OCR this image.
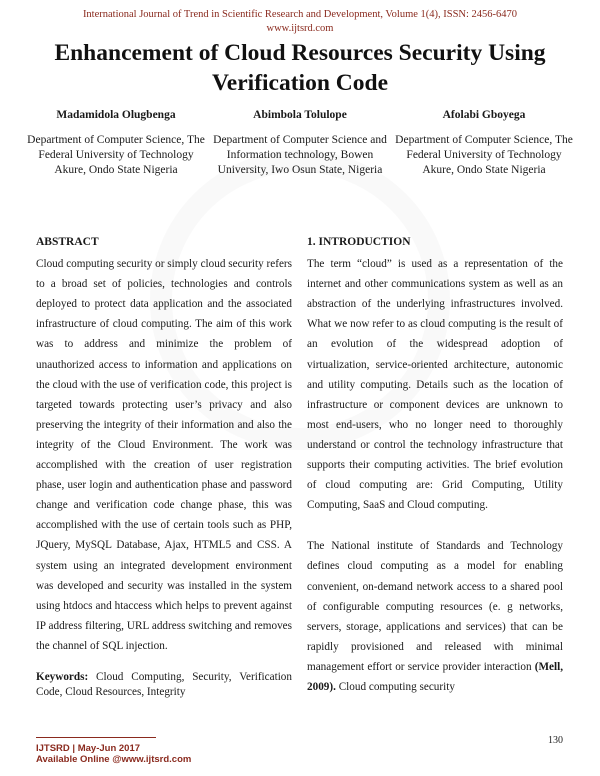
International Journal of Trend in Scientific Research and Development, Volume 1(4), ISSN: 2456-6470
www.ijtsrd.com
Enhancement of Cloud Resources Security Using Verification Code
Madamidola Olugbenga
Department of Computer Science, The Federal University of Technology Akure, Ondo State Nigeria
Abimbola Tolulope
Department of Computer Science and Information technology, Bowen University, Iwo Osun State, Nigeria
Afolabi Gboyega
Department of Computer Science, The Federal University of Technology Akure, Ondo State Nigeria
ABSTRACT
Cloud computing security or simply cloud security refers to a broad set of policies, technologies and controls deployed to protect data application and the associated infrastructure of cloud computing. The aim of this work was to address and minimize the problem of unauthorized access to information and applications on the cloud with the use of verification code, this project is targeted towards protecting user’s privacy and also preserving the integrity of their information and also the integrity of the Cloud Environment. The work was accomplished with the creation of user registration phase, user login and authentication phase and password change and verification code change phase, this was accomplished with the use of certain tools such as PHP, JQuery, MySQL Database, Ajax, HTML5 and CSS. A system using an integrated development environment was developed and security was installed in the system using htdocs and htaccess which helps to prevent against IP address filtering, URL address switching and removes the channel of SQL injection.
Keywords: Cloud Computing, Security, Verification Code, Cloud Resources, Integrity
1. INTRODUCTION
The term “cloud” is used as a representation of the internet and other communications system as well as an abstraction of the underlying infrastructures involved. What we now refer to as cloud computing is the result of an evolution of the widespread adoption of virtualization, service-oriented architecture, autonomic and utility computing. Details such as the location of infrastructure or component devices are unknown to most end-users, who no longer need to thoroughly understand or control the technology infrastructure that supports their computing activities. The brief evolution of cloud computing are: Grid Computing, Utility Computing, SaaS and Cloud computing.
The National institute of Standards and Technology defines cloud computing as a model for enabling convenient, on-demand network access to a shared pool of configurable computing resources (e. g networks, servers, storage, applications and services) that can be rapidly provisioned and released with minimal management effort or service provider interaction (Mell, 2009). Cloud computing security
IJTSRD | May-Jun 2017
Available Online @www.ijtsrd.com
130
